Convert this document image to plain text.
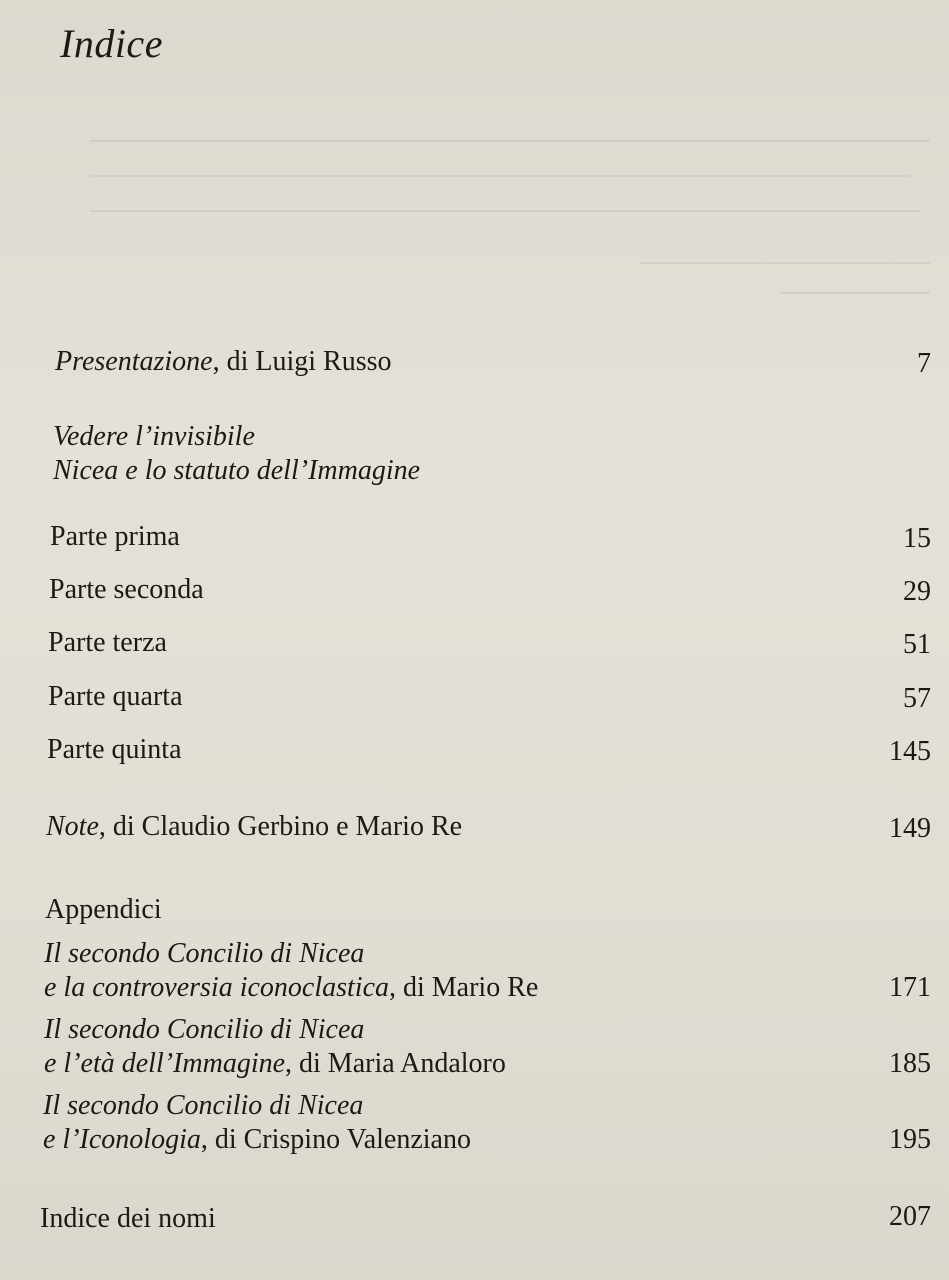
Indice
Presentazione, di Luigi Russo	7
Vedere l’invisibile
Nicea e lo statuto dell’Immagine
Parte prima	15
Parte seconda	29
Parte terza	51
Parte quarta	57
Parte quinta	145
Note, di Claudio Gerbino e Mario Re	149
Appendici
Il secondo Concilio di Nicea
e la controversia iconoclastica, di Mario Re	171
Il secondo Concilio di Nicea
e l’età dell’Immagine, di Maria Andaloro	185
Il secondo Concilio di Nicea
e l’Iconologia, di Crispino Valenziano	195
Indice dei nomi	207
